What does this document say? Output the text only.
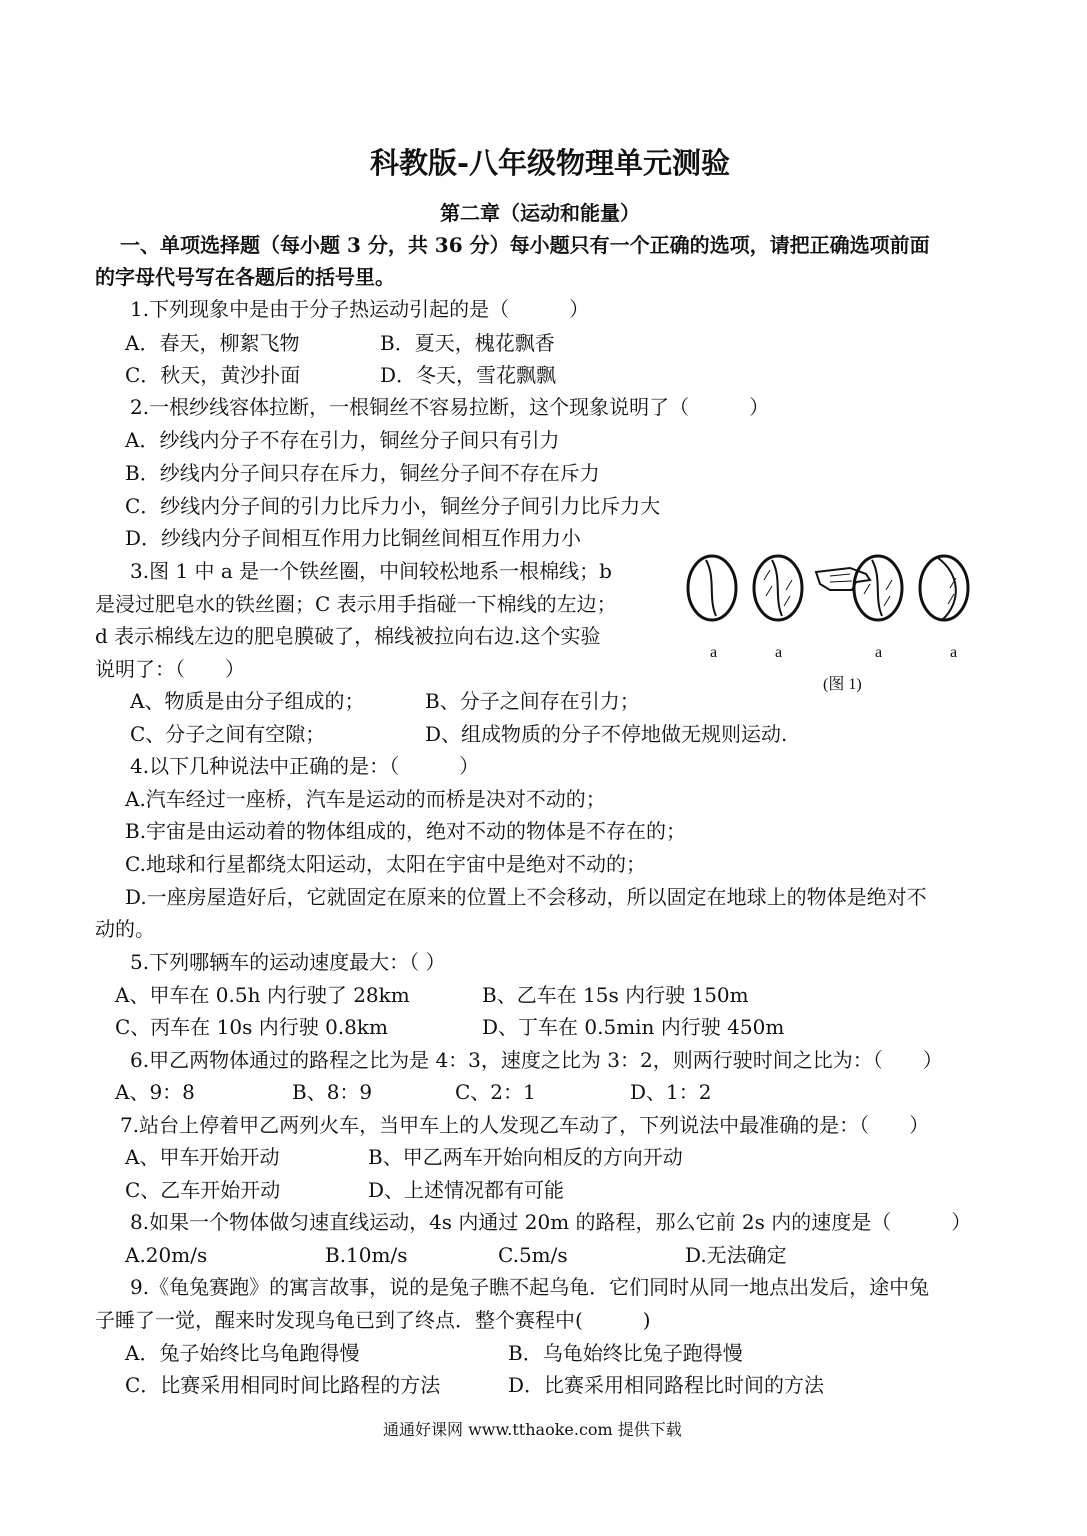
科教版-八年级物理单元测验
第二章（运动和能量）
一、单项选择题（每小题 3 分，共 36 分）每小题只有一个正确的选项，请把正确选项前面
的字母代号写在各题后的括号里。
1.下列现象中是由于分子热运动引起的是（　　　）
A．春天，柳絮飞物	B．夏天，槐花飘香
C．秋天，黄沙扑面	D．冬天，雪花飘飘
2.一根纱线容体拉断，一根铜丝不容易拉断，这个现象说明了（　　　）
A．纱线内分子不存在引力，铜丝分子间只有引力
B．纱线内分子间只存在斥力，铜丝分子间不存在斥力
C．纱线内分子间的引力比斥力小，铜丝分子间引力比斥力大
D．纱线内分子间相互作用力比铜丝间相互作用力小
3.图 1 中 a 是一个铁丝圈，中间较松地系一根棉线；b
是浸过肥皂水的铁丝圈；C 表示用手指碰一下棉线的左边；
d 表示棉线左边的肥皂膜破了，棉线被拉向右边.这个实验
说明了：（　　）
A、物质是由分子组成的；	B、分子之间存在引力；
C、分子之间有空隙；	D、组成物质的分子不停地做无规则运动.
a	a	a	a
(图 1)
4.以下几种说法中正确的是：（　　　）
A.汽车经过一座桥，汽车是运动的而桥是决对不动的；
B.宇宙是由运动着的物体组成的，绝对不动的物体是不存在的；
C.地球和行星都绕太阳运动，太阳在宇宙中是绝对不动的；
D.一座房屋造好后，它就固定在原来的位置上不会移动，所以固定在地球上的物体是绝对不
动的。
5.下列哪辆车的运动速度最大：（ ）
A、甲车在 0.5h 内行驶了 28km	B、乙车在 15s 内行驶 150m
C、丙车在 10s 内行驶 0.8km	D、丁车在 0.5min 内行驶 450m
6.甲乙两物体通过的路程之比为是 4：3，速度之比为 3：2，则两行驶时间之比为：（　　）
A、9：8	B、8：9	C、2：1	D、1：2
7.站台上停着甲乙两列火车，当甲车上的人发现乙车动了，下列说法中最准确的是：（　　）
A、甲车开始开动	B、甲乙两车开始向相反的方向开动
C、乙车开始开动	D、上述情况都有可能
8.如果一个物体做匀速直线运动，4s 内通过 20m 的路程，那么它前 2s 内的速度是（　　　）
A.20m/s	B.10m/s	C.5m/s	D.无法确定
9.《龟兔赛跑》的寓言故事，说的是兔子瞧不起乌龟．它们同时从同一地点出发后，途中兔
子睡了一觉，醒来时发现乌龟已到了终点．整个赛程中(　　　)
A．兔子始终比乌龟跑得慢	B．乌龟始终比兔子跑得慢
C．比赛采用相同时间比路程的方法	D．比赛采用相同路程比时间的方法
通通好课网 www.tthaoke.com 提供下载
